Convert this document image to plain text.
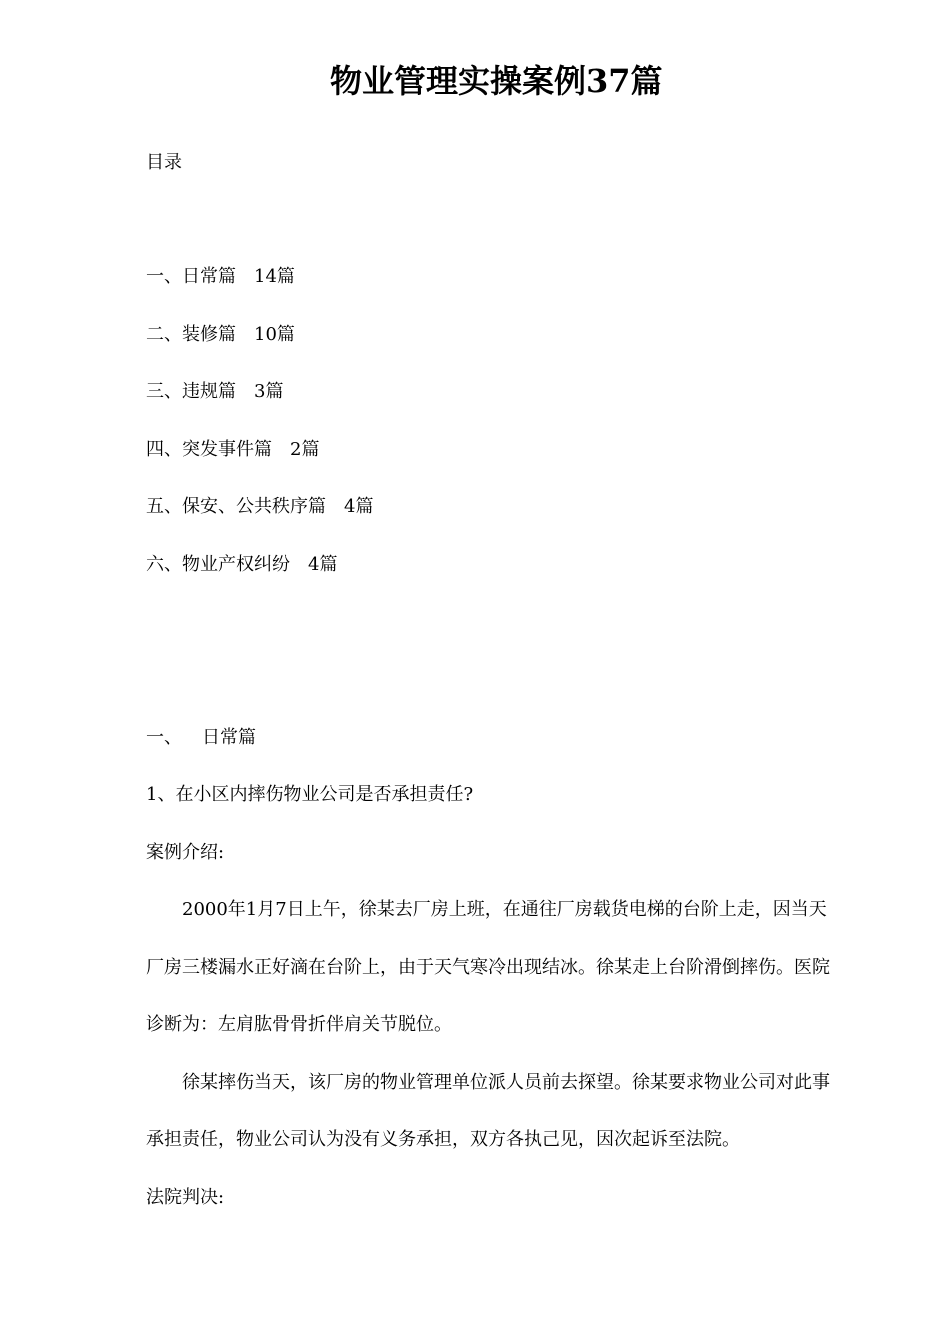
物业管理实操案例37篇
目录
一、日常篇 14篇
二、装修篇 10篇
三、违规篇 3篇
四、突发事件篇 2篇
五、保安、公共秩序篇 4篇
六、物业产权纠纷 4篇
一、 日常篇
1、在小区内摔伤物业公司是否承担责任?
案例介绍:
2000年1月7日上午，徐某去厂房上班，在通往厂房载货电梯的台阶上走，因当天
厂房三楼漏水正好滴在台阶上，由于天气寒冷出现结冰。徐某走上台阶滑倒摔伤。医院
诊断为：左肩肱骨骨折伴肩关节脱位。
徐某摔伤当天，该厂房的物业管理单位派人员前去探望。徐某要求物业公司对此事
承担责任，物业公司认为没有义务承担，双方各执己见，因次起诉至法院。
法院判决:
